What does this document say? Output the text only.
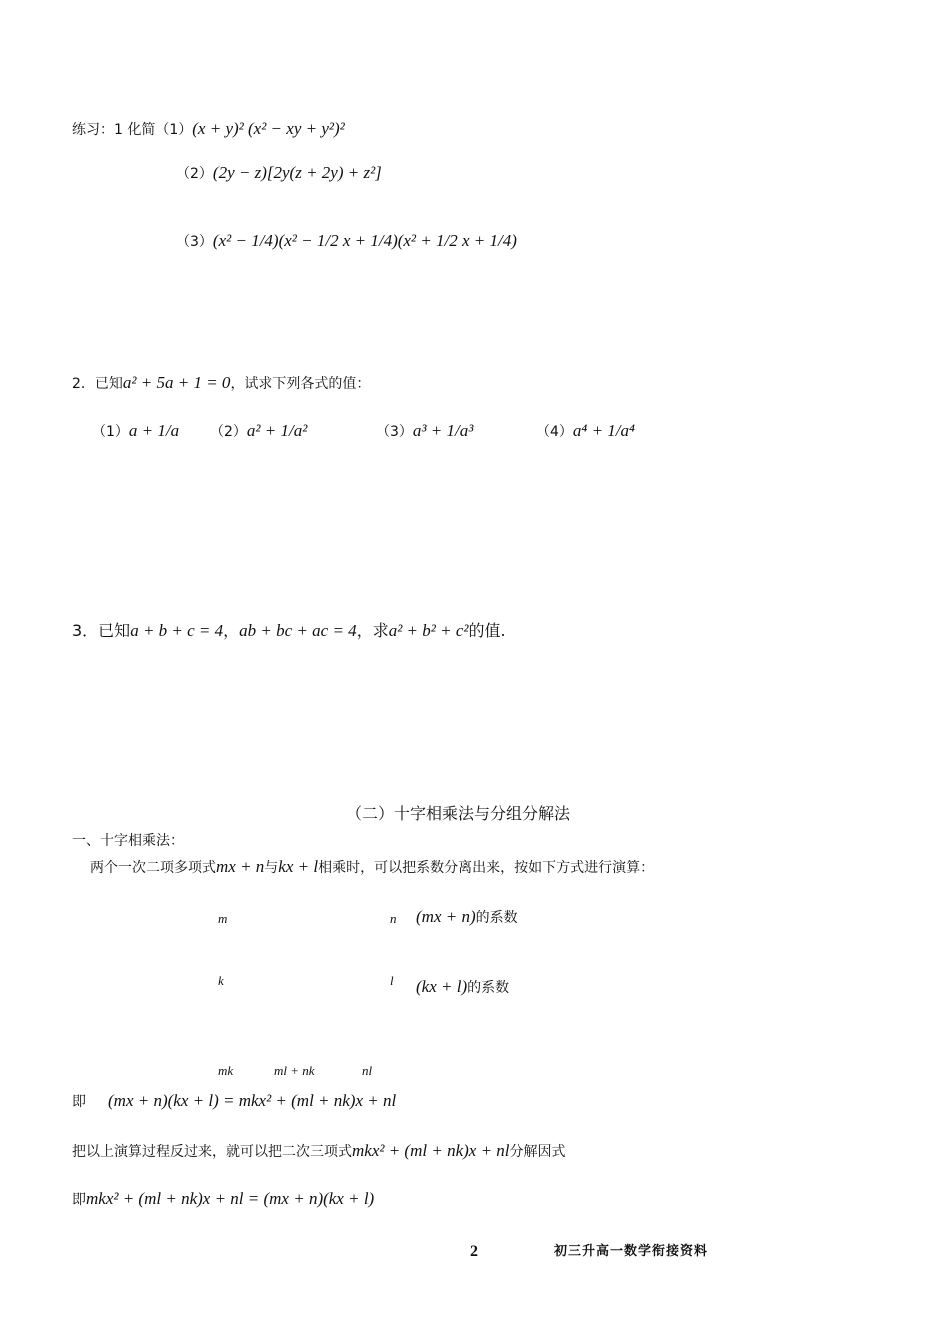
练习：1 化简（1）(x + y)² (x² − xy + y²)²
（2）(2y − z)[2y(z + 2y) + z²]
（3）(x² − 1/4)(x² − 1/2 x + 1/4)(x² + 1/2 x + 1/4)
2．已知a² + 5a + 1 = 0，试求下列各式的值：
（1）a + 1/a （2）a² + 1/a²	（3）a³ + 1/a³	（4）a⁴ + 1/a⁴
3．已知a + b + c = 4，ab + bc + ac = 4，求a² + b² + c²的值.
（二）十字相乘法与分组分解法
一、十字相乘法：
两个一次二项多项式mx + n与kx + l相乘时，可以把系数分离出来，按如下方式进行演算：
m	n (mx + n)的系数
k	l (kx + l)的系数
mk	ml + nk	nl
即 (mx + n)(kx + l) = mkx² + (ml + nk)x + nl
把以上演算过程反过来，就可以把二次三项式mkx² + (ml + nk)x + nl分解因式
即mkx² + (ml + nk)x + nl = (mx + n)(kx + l)
2	初三升高一数学衔接资料
